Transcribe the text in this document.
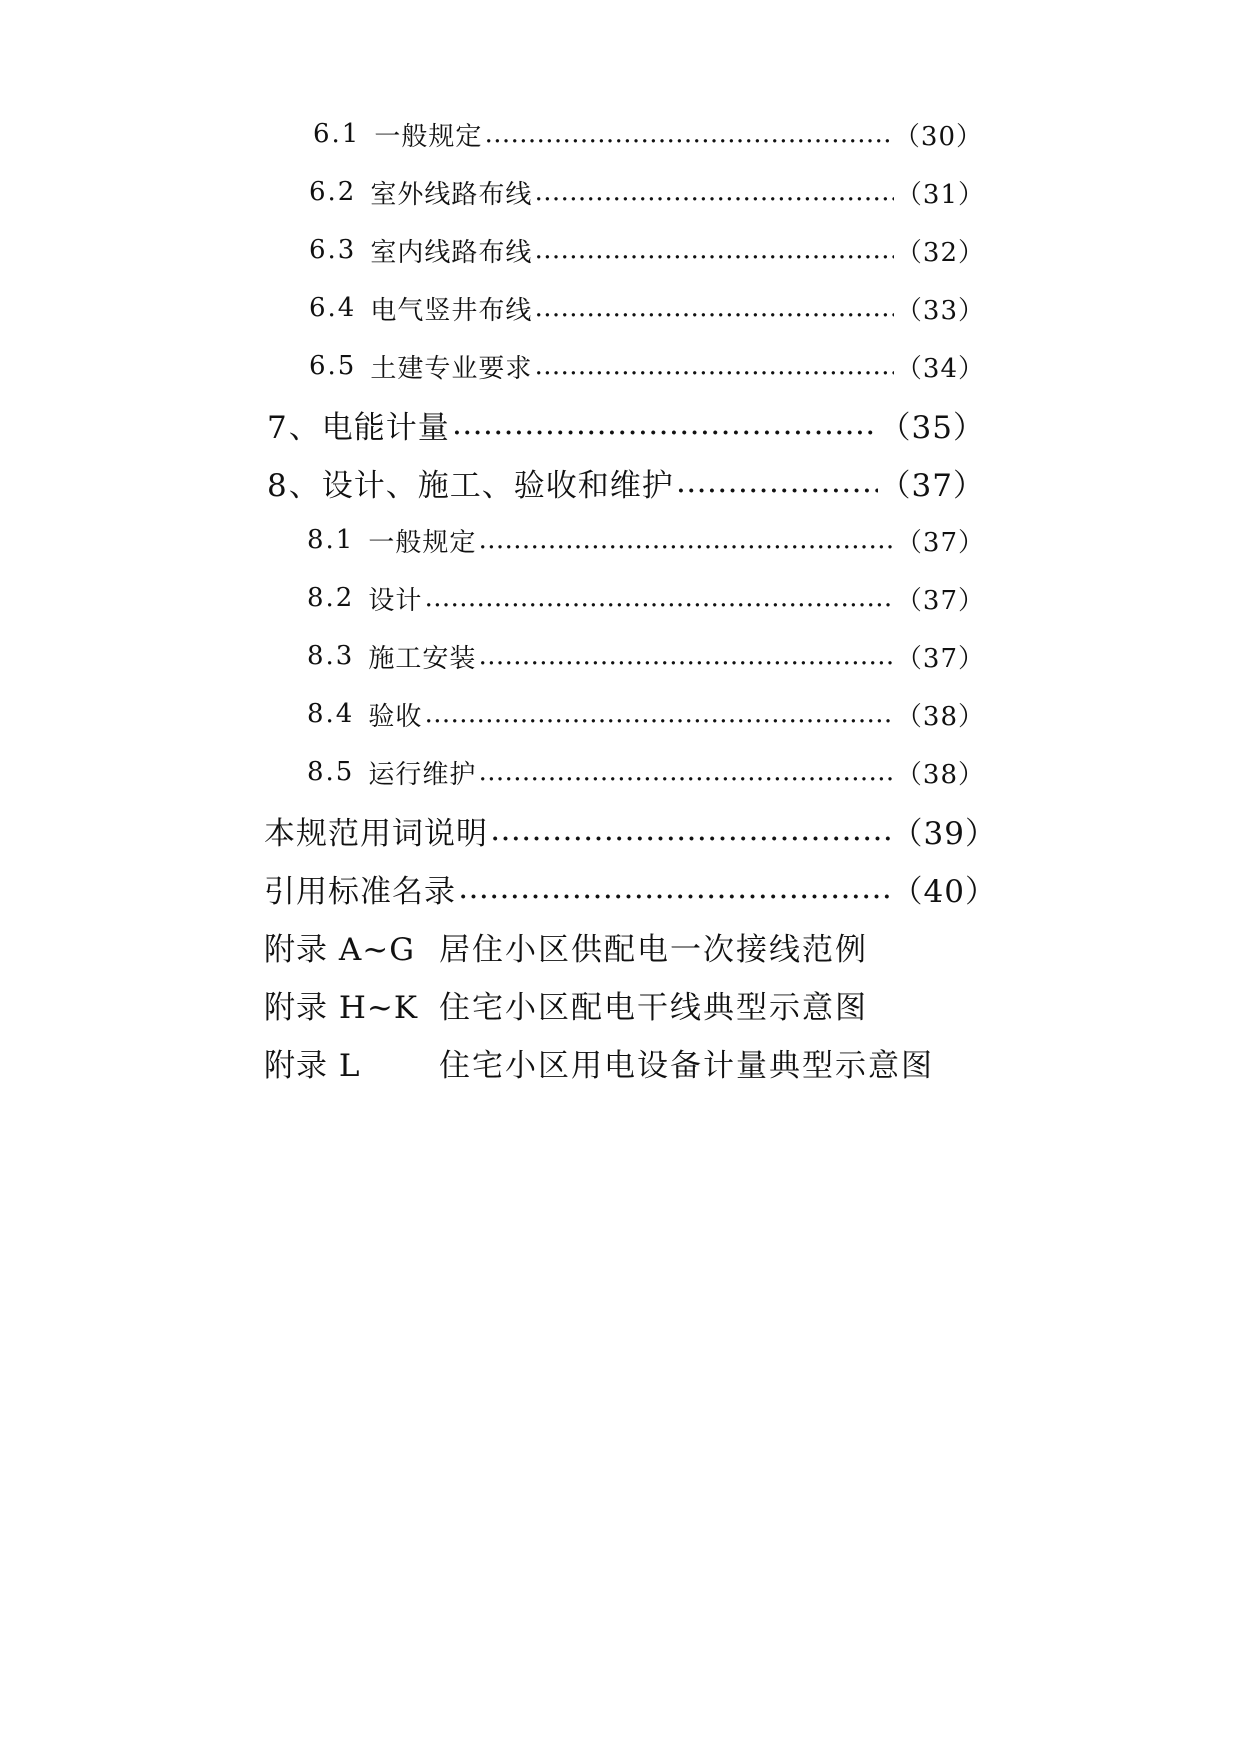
6.1 一般规定 ……………………………………………………………………………………………………………………………………………	（30）
6.2 室外线路布线 ……………………………………………………………………………………………………………………………………………	（31）
6.3 室内线路布线 ……………………………………………………………………………………………………………………………………………	（32）
6.4 电气竖井布线 ……………………………………………………………………………………………………………………………………………	（33）
6.5 土建专业要求 ……………………………………………………………………………………………………………………………………………	（34）
7、 电能计量 ……………………………………………………………………………………………………………………………………………	（35）
8、 设计、施工、验收和维护 ……………………………………………………………………………………………………………………………………………	（37）
8.1 一般规定 ……………………………………………………………………………………………………………………………………………	（37）
8.2 设计 ……………………………………………………………………………………………………………………………………………	（37）
8.3 施工安装 ……………………………………………………………………………………………………………………………………………	（37）
8.4 验收 ……………………………………………………………………………………………………………………………………………	（38）
8.5 运行维护 ……………………………………………………………………………………………………………………………………………	（38）
本规范用词说明 ……………………………………………………………………………………………………………………………………………	（39）
引用标准名录 ……………………………………………………………………………………………………………………………………………	（40）
附录 A~G 居住小区供配电一次接线范例
附录 H~K 住宅小区配电干线典型示意图
附录 L	住宅小区用电设备计量典型示意图
